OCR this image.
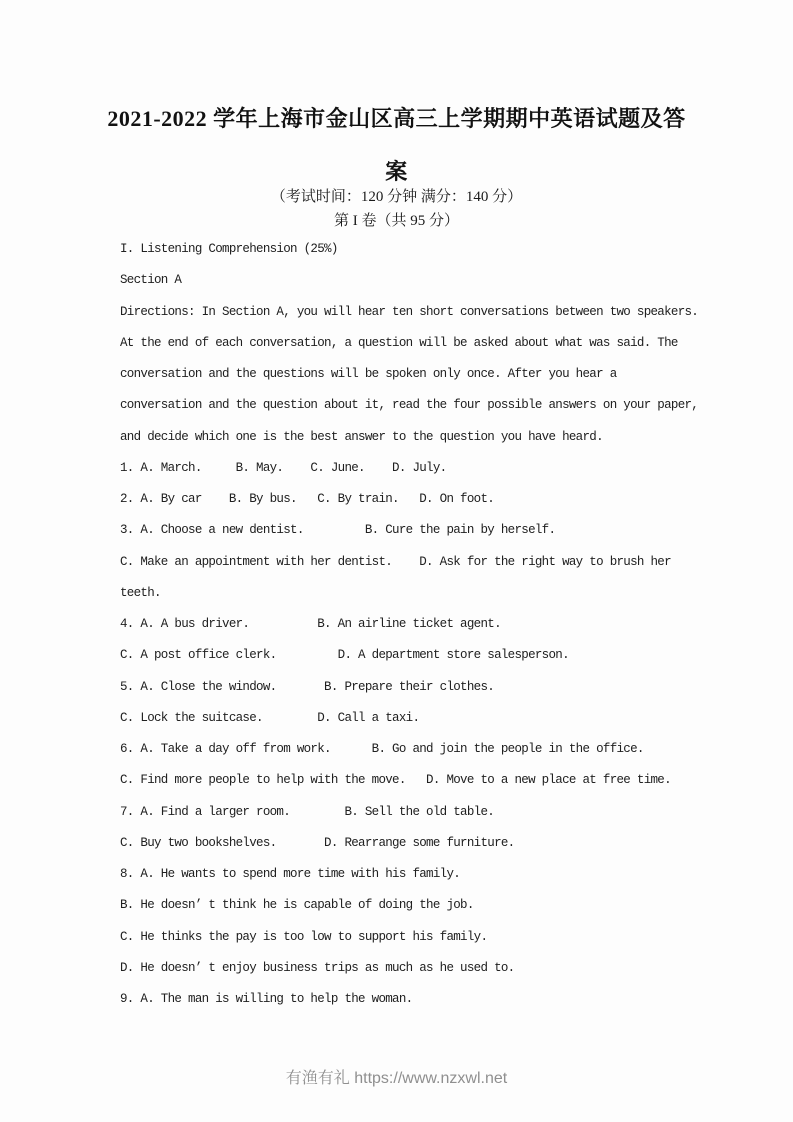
2021-2022 学年上海市金山区高三上学期期中英语试题及答
案
（考试时间：120 分钟 满分：140 分）
第 I 卷（共 95 分）
I. Listening Comprehension (25%)
Section A
Directions: In Section A, you will hear ten short conversations between two speakers.
At the end of each conversation, a question will be asked about what was said. The
conversation and the questions will be spoken only once. After you hear a
conversation and the question about it, read the four possible answers on your paper,
and decide which one is the best answer to the question you have heard.
1. A. March.     B. May.    C. June.    D. July.
2. A. By car    B. By bus.   C. By train.   D. On foot.
3. A. Choose a new dentist.         B. Cure the pain by herself.
C. Make an appointment with her dentist.    D. Ask for the right way to brush her
teeth.
4. A. A bus driver.          B. An airline ticket agent.
C. A post office clerk.         D. A department store salesperson.
5. A. Close the window.       B. Prepare their clothes.
C. Lock the suitcase.        D. Call a taxi.
6. A. Take a day off from work.      B. Go and join the people in the office.
C. Find more people to help with the move.   D. Move to a new place at free time.
7. A. Find a larger room.        B. Sell the old table.
C. Buy two bookshelves.       D. Rearrange some furniture.
8. A. He wants to spend more time with his family.
B. He doesn’ t think he is capable of doing the job.
C. He thinks the pay is too low to support his family.
D. He doesn’ t enjoy business trips as much as he used to.
9. A. The man is willing to help the woman.
有渔有礼 https://www.nzxwl.net
